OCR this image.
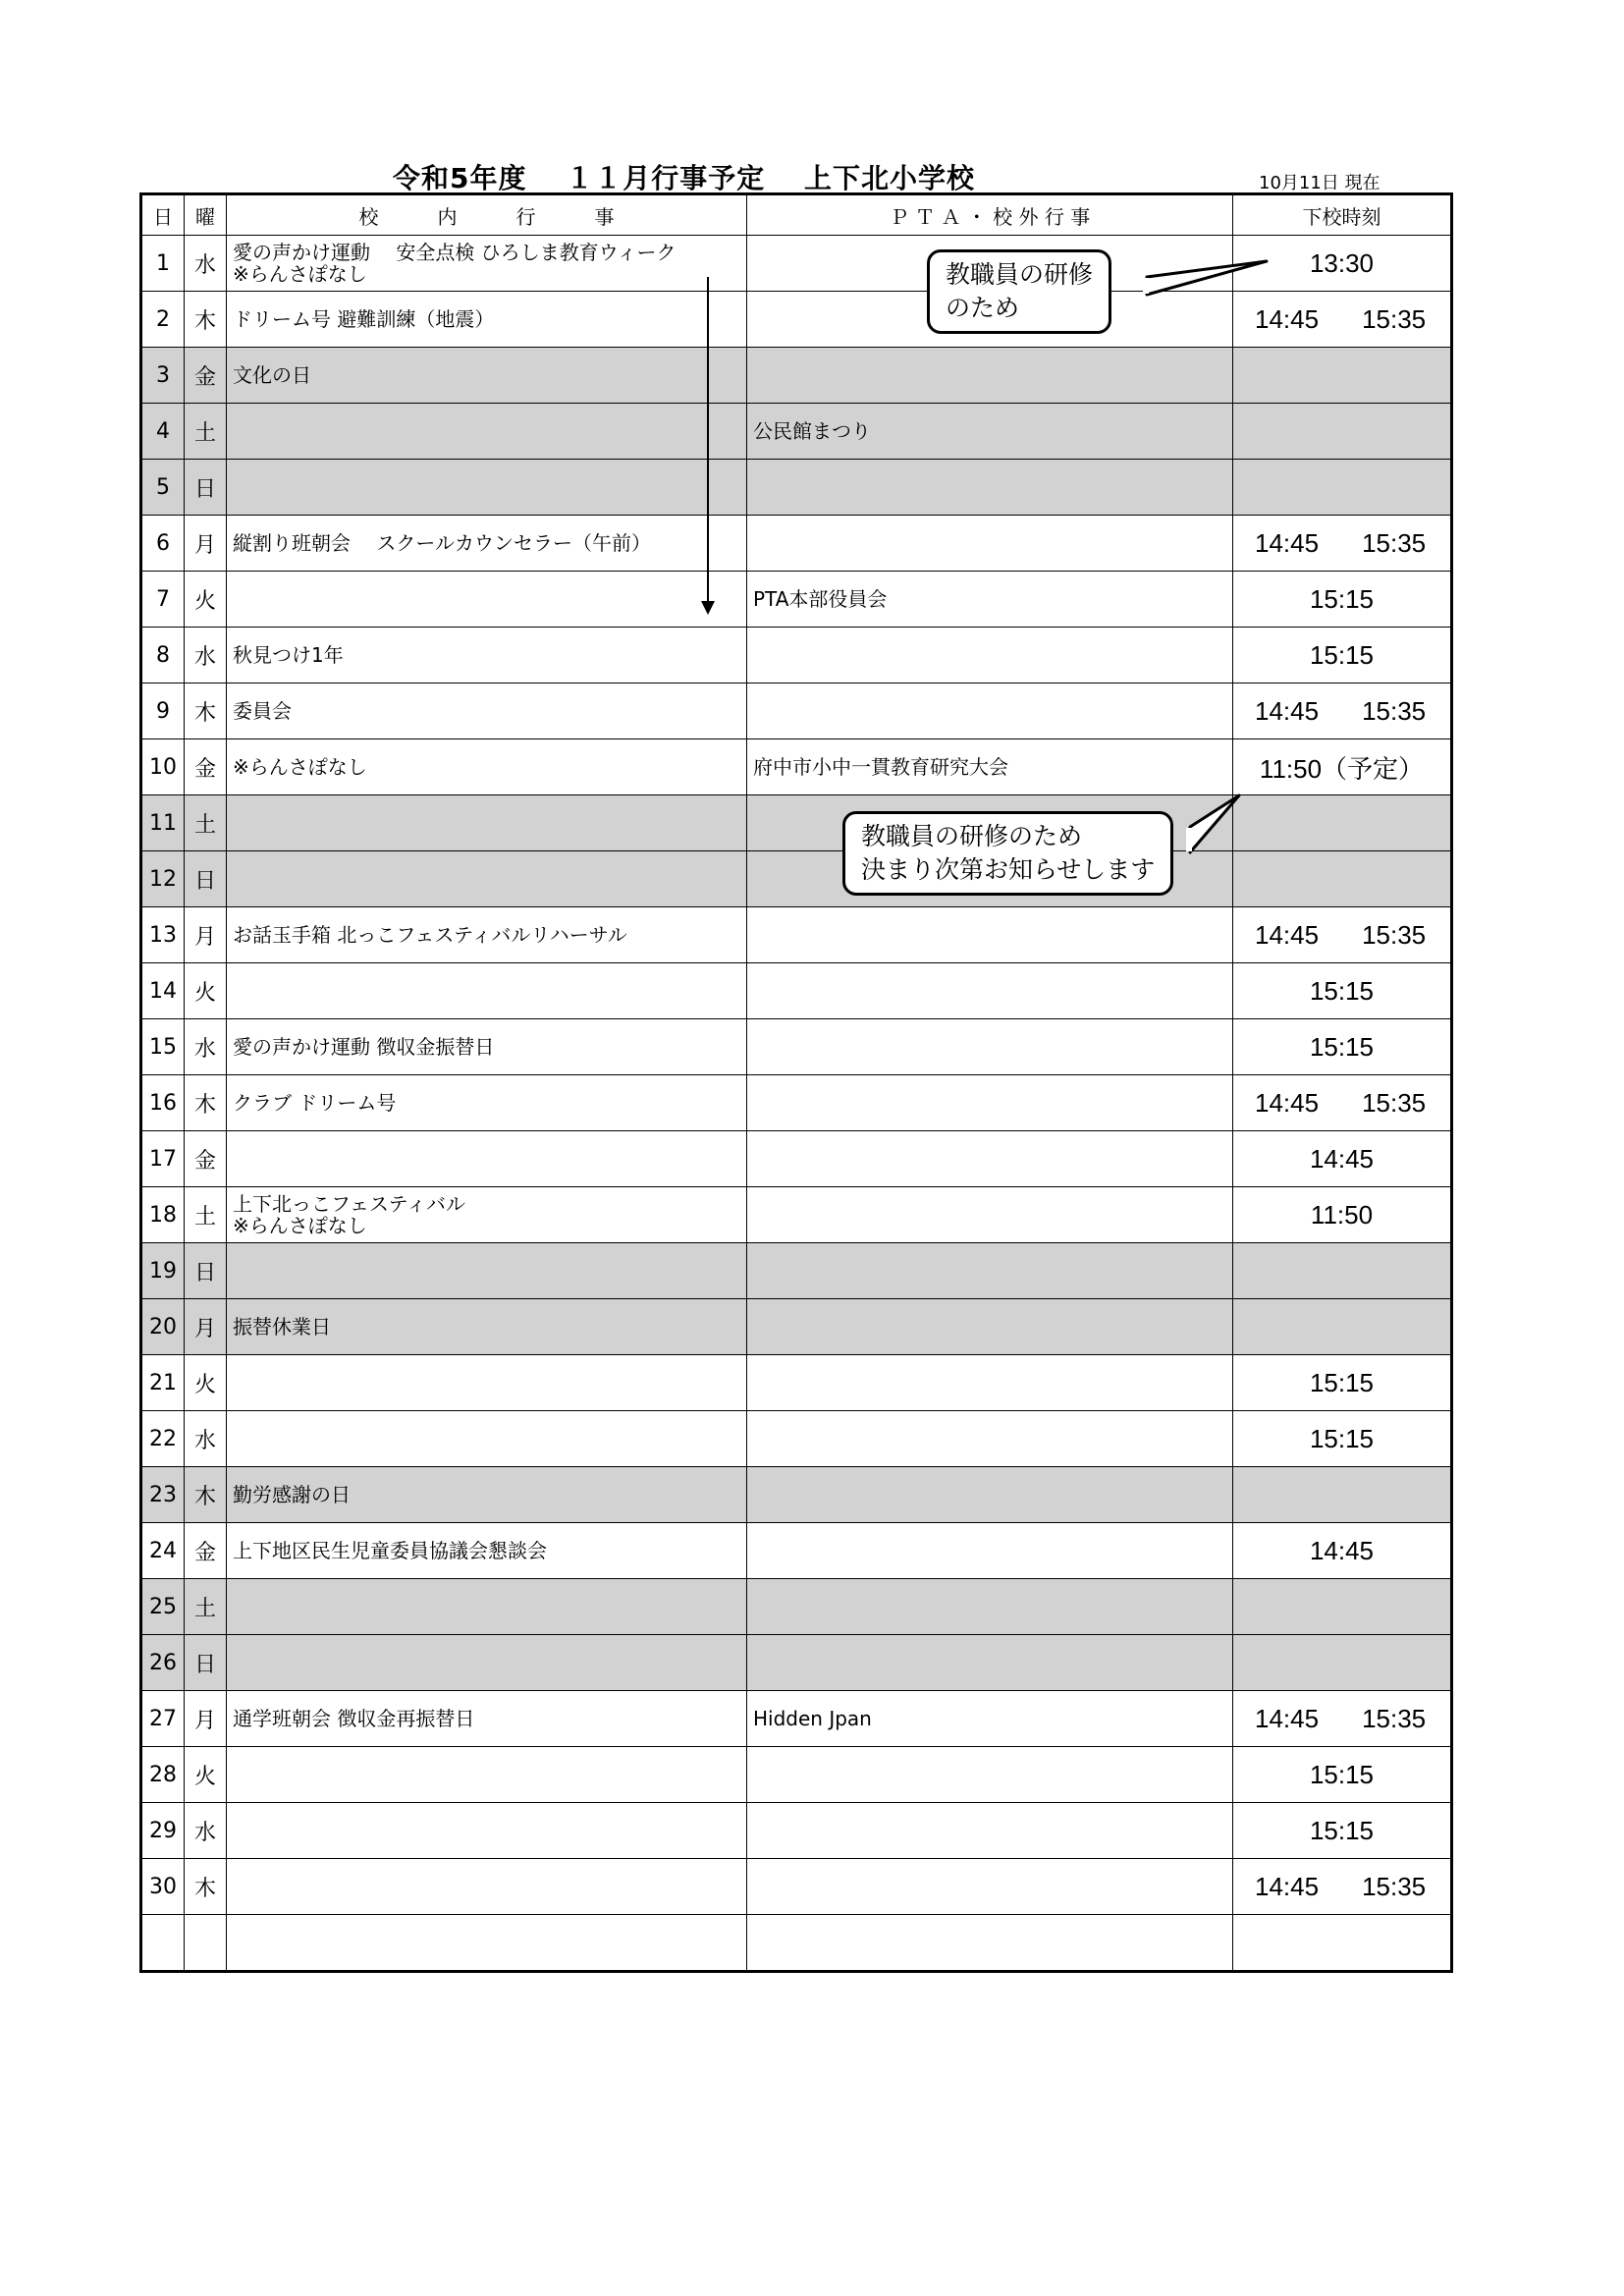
令和5年度　 １１月行事予定　 上下北小学校	10月11日 現在
日	曜	校　　　内　　　行　　　事	Ｐ Ｔ Ａ ・ 校 外 行 事	下校時刻
1	水	愛の声かけ運動　 安全点検 ひろしま教育ウィーク
※らんさぽなし		13:30
2	木	ドリーム号 避難訓練（地震）		14:45 15:35
3	金	文化の日		
4	土		公民館まつり	
5	日			
6	月	縦割り班朝会　 スクールカウンセラー（午前）		14:45 15:35
7	火		PTA本部役員会	15:15
8	水	秋見つけ1年		15:15
9	木	委員会		14:45 15:35
10	金	※らんさぽなし	府中市小中一貫教育研究大会	11:50（予定）
11	土			
12	日			
13	月	お話玉手箱 北っこフェスティバルリハーサル		14:45 15:35
14	火			15:15
15	水	愛の声かけ運動 徴収金振替日		15:15
16	木	クラブ ドリーム号		14:45 15:35
17	金			14:45
18	土	上下北っこフェスティバル
※らんさぽなし		11:50
19	日			
20	月	振替休業日		
21	火			15:15
22	水			15:15
23	木	勤労感謝の日		
24	金	上下地区民生児童委員協議会懇談会		14:45
25	土			
26	日			
27	月	通学班朝会 徴収金再振替日	Hidden Jpan	14:45 15:35
28	火			15:15
29	水			15:15
30	木			14:45 15:35

教職員の研修
のため
教職員の研修のため
決まり次第お知らせします
